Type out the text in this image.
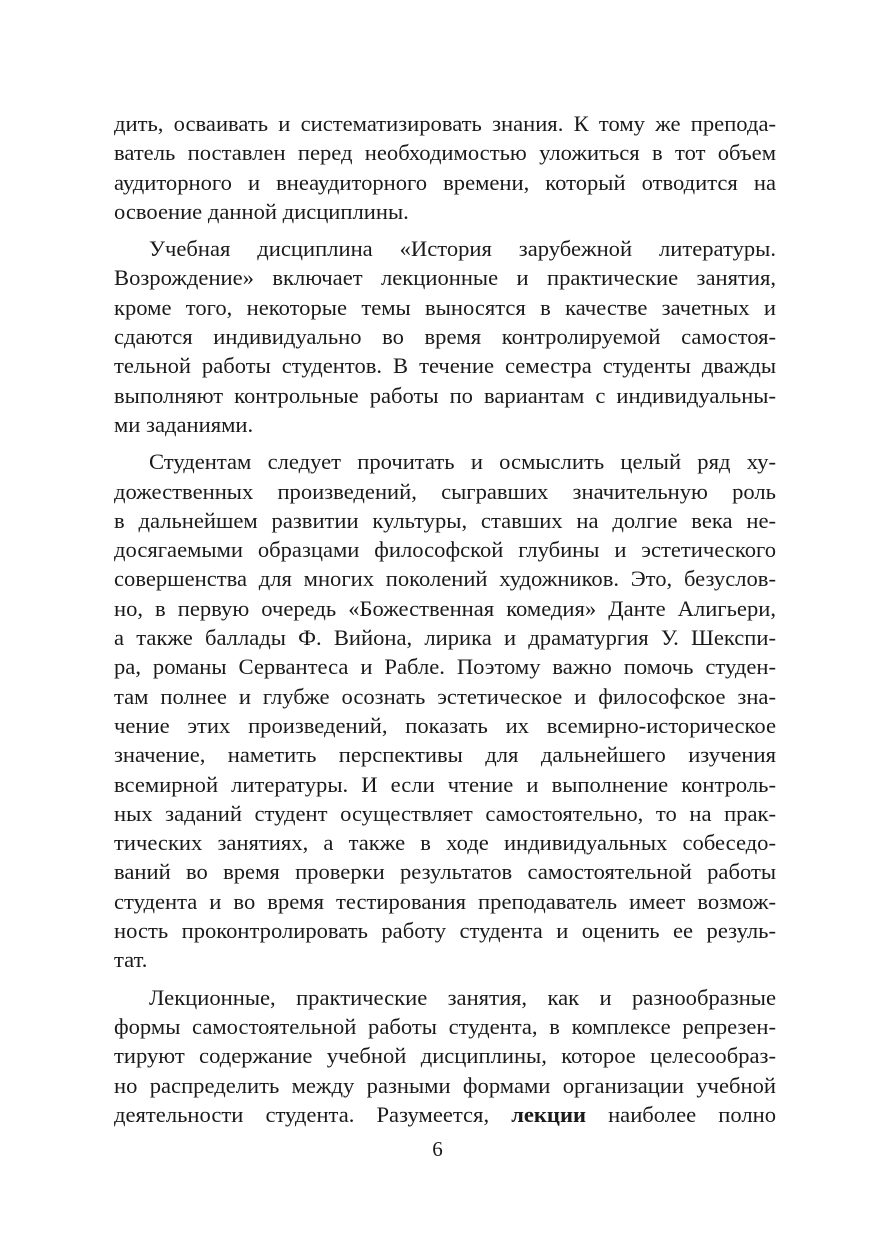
дить, осваивать и систематизировать знания. К тому же препода-
ватель поставлен перед необходимостью уложиться в тот объем
аудиторного и внеаудиторного времени, который отводится на
освоение данной дисциплины.
Учебная дисциплина «История зарубежной литературы.
Возрождение» включает лекционные и практические занятия,
кроме того, некоторые темы выносятся в качестве зачетных и
сдаются индивидуально во время контролируемой самостоя-
тельной работы студентов. В течение семестра студенты дважды
выполняют контрольные работы по вариантам с индивидуальны-
ми заданиями.
Студентам следует прочитать и осмыслить целый ряд ху-
дожественных произведений, сыгравших значительную роль
в дальнейшем развитии культуры, ставших на долгие века не-
досягаемыми образцами философской глубины и эстетического
совершенства для многих поколений художников. Это, безуслов-
но, в первую очередь «Божественная комедия» Данте Алигьери,
а также баллады Ф. Вийона, лирика и драматургия У. Шекспи-
ра, романы Сервантеса и Рабле. Поэтому важно помочь студен-
там полнее и глубже осознать эстетическое и философское зна-
чение этих произведений, показать их всемирно-историческое
значение, наметить перспективы для дальнейшего изучения
всемирной литературы. И если чтение и выполнение контроль-
ных заданий студент осуществляет самостоятельно, то на прак-
тических занятиях, а также в ходе индивидуальных собеседо-
ваний во время проверки результатов самостоятельной работы
студента и во время тестирования преподаватель имеет возмож-
ность проконтролировать работу студента и оценить ее резуль-
тат.
Лекционные, практические занятия, как и разнообразные
формы самостоятельной работы студента, в комплексе репрезен-
тируют содержание учебной дисциплины, которое целесообраз-
но распределить между разными формами организации учебной
деятельности студента. Разумеется, лекции наиболее полно
6
